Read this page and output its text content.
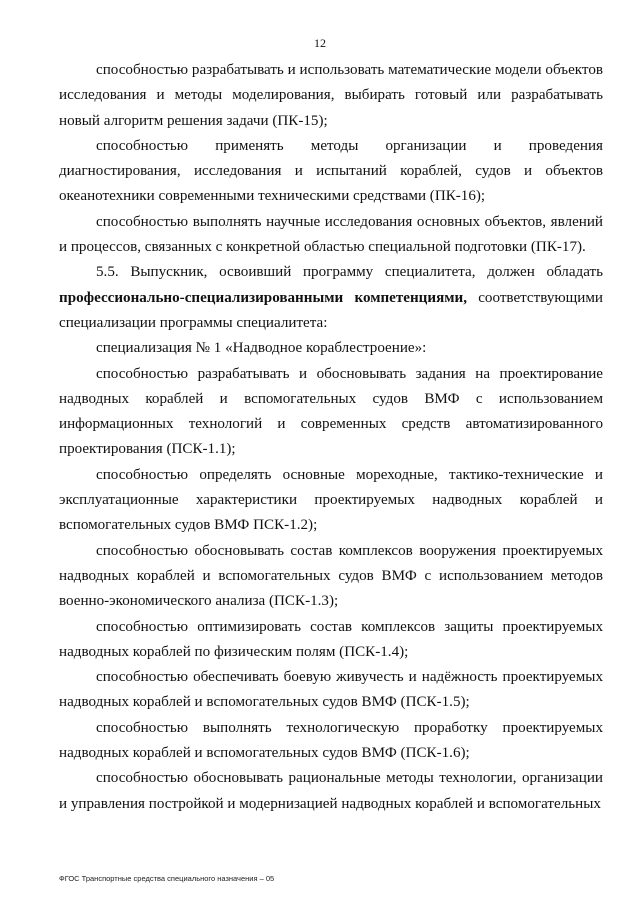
12

способностью разрабатывать и использовать математические модели объектов исследования и методы моделирования, выбирать готовый или разрабатывать новый алгоритм решения задачи (ПК-15);

способностью применять методы организации и проведения диагностирования, исследования и испытаний кораблей, судов и объектов океанотехники современными техническими средствами (ПК-16);

способностью выполнять научные исследования основных объектов, явлений и процессов, связанных с конкретной областью специальной подготовки (ПК-17).

5.5. Выпускник, освоивший программу специалитета, должен обладать профессионально-специализированными компетенциями, соответствующими специализации программы специалитета:

специализация № 1 «Надводное кораблестроение»:

способностью разрабатывать и обосновывать задания на проектирование надводных кораблей и вспомогательных судов ВМФ с использованием информационных технологий и современных средств автоматизированного проектирования (ПСК-1.1);

способностью определять основные мореходные, тактико-технические и эксплуатационные характеристики проектируемых надводных кораблей и вспомогательных судов ВМФ ПСК-1.2);

способностью обосновывать состав комплексов вооружения проектируемых надводных кораблей и вспомогательных судов ВМФ с использованием методов военно-экономического анализа (ПСК-1.3);

способностью оптимизировать состав комплексов защиты проектируемых надводных кораблей по физическим полям (ПСК-1.4);

способностью обеспечивать боевую живучесть и надёжность проектируемых надводных кораблей и вспомогательных судов ВМФ (ПСК-1.5);

способностью выполнять технологическую проработку проектируемых надводных кораблей и вспомогательных судов ВМФ (ПСК-1.6);

способностью обосновывать рациональные методы технологии, организации и управления постройкой и модернизацией надводных кораблей и вспомогательных

ФГОС Транспортные средства специального назначения – 05
